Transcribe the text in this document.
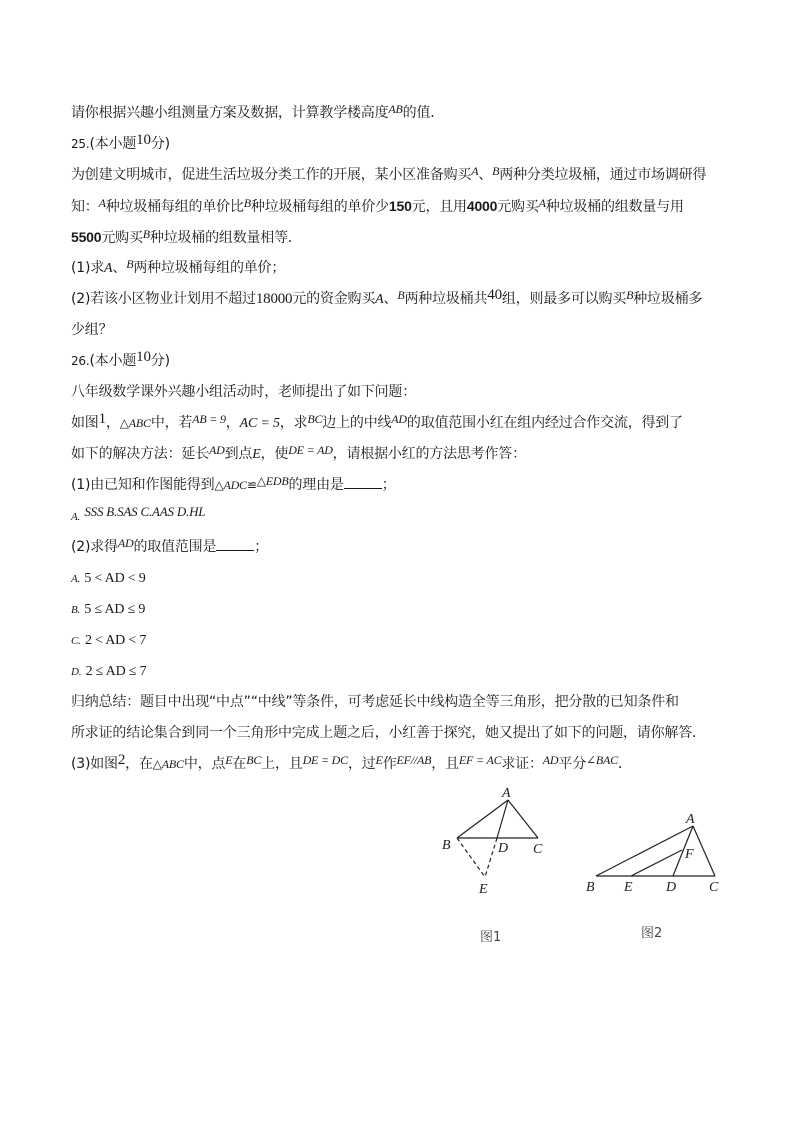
请你根据兴趣小组测量方案及数据，计算教学楼高度AB的值．
25.(本小题10分)
为创建文明城市，促进生活垃圾分类工作的开展，某小区准备购买A、B两种分类垃圾桶，通过市场调研得
知：A种垃圾桶每组的单价比B种垃圾桶每组的单价少150元，且用4000元购买A种垃圾桶的组数量与用
5500元购买B种垃圾桶的组数量相等．
(1)求A、B两种垃圾桶每组的单价；
(2)若该小区物业计划用不超过18000元的资金购买A、B两种垃圾桶共40组，则最多可以购买B种垃圾桶多
少组？
26.(本小题10分)
八年级数学课外兴趣小组活动时，老师提出了如下问题：
如图1，△ABC中，若AB = 9，AC = 5，求BC边上的中线AD的取值范围小红在组内经过合作交流，得到了
如下的解决方法：延长AD到点E，使DE = AD，请根据小红的方法思考作答：
(1)由已知和作图能得到△ADC≌△EDB的理由是	；
A. SSS B.SAS C.AAS D.HL
(2)求得AD的取值范围是	；
A. 5 < AD < 9
B. 5 ≤ AD ≤ 9
C. 2 < AD < 7
D. 2 ≤ AD ≤ 7
归纳总结：题目中出现“中点”“中线”等条件，可考虑延长中线构造全等三角形，把分散的已知条件和
所求证的结论集合到同一个三角形中完成上题之后，小红善于探究，她又提出了如下的问题，请你解答．
(3)如图2，在△ABC中，点E在BC上，且DE = DC，过E作EF//AB，且EF = AC求证：AD平分∠BAC．
A
B	D C
E
图1
A
F
B E D C
图2
